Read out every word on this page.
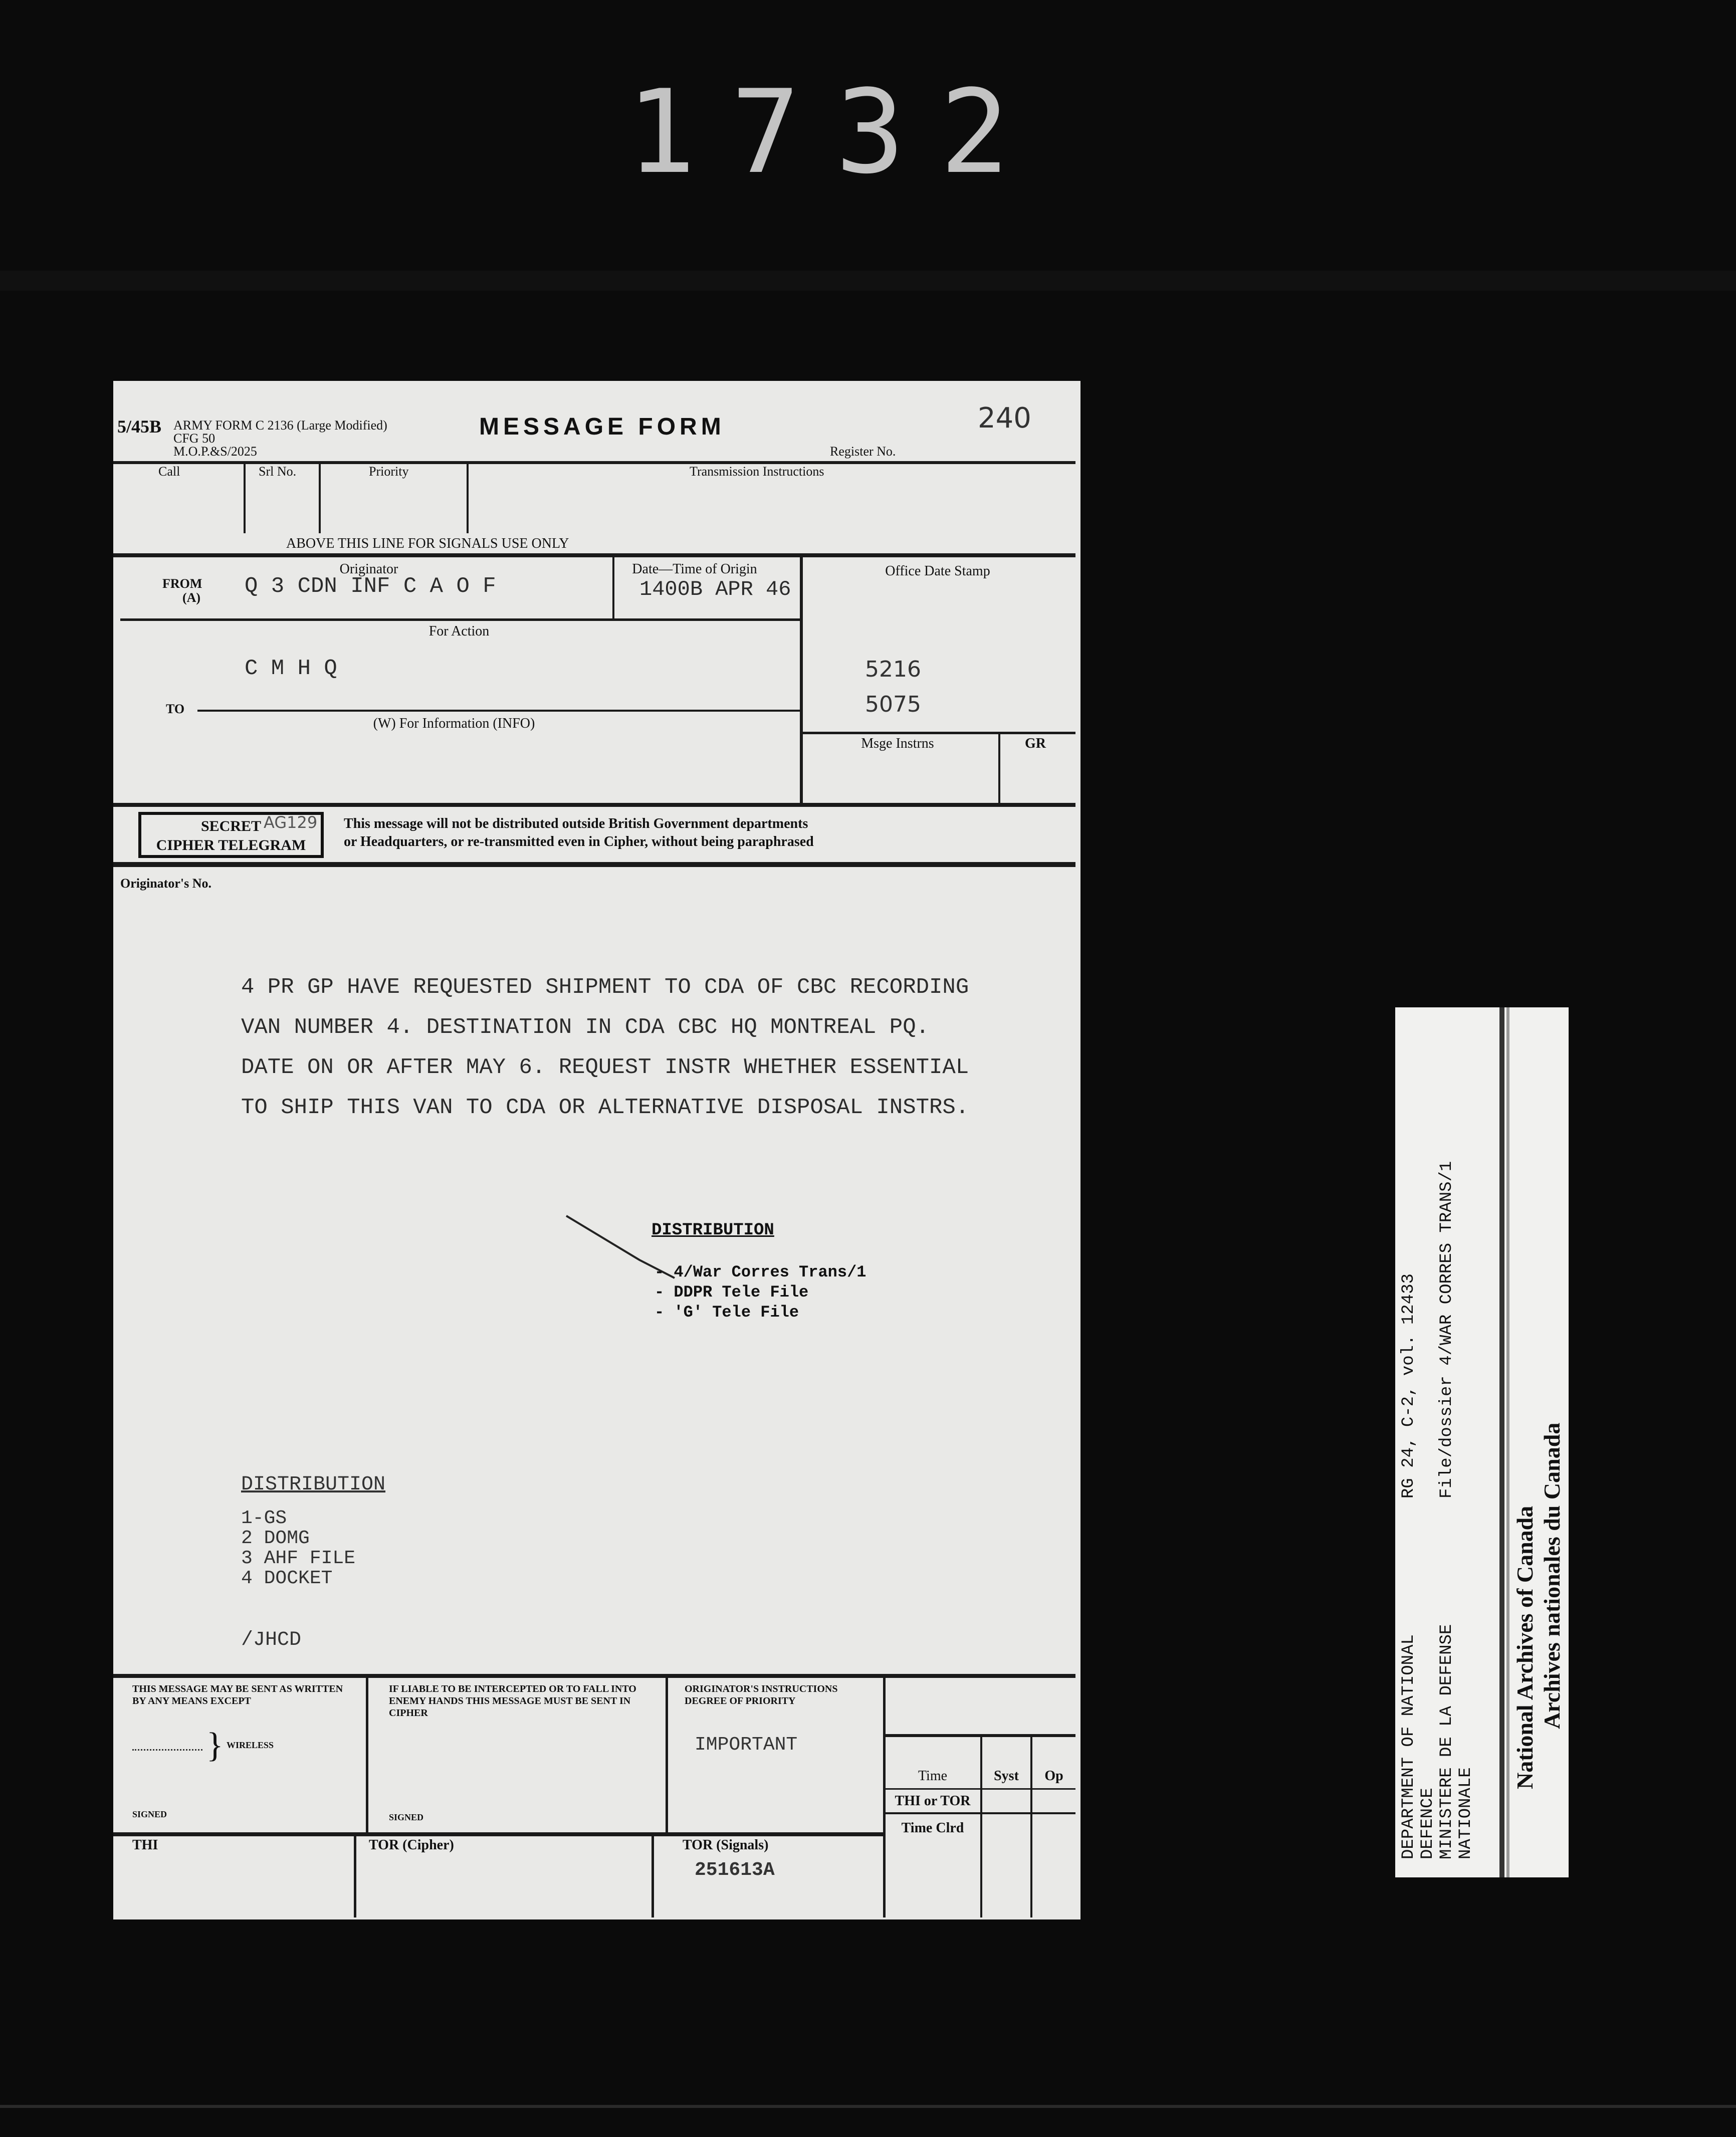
1732
5/45B ARMY FORM C 2136 (Large Modified)
CFG 50
M.O.P.&S/2025
MESSAGE FORM	240
Register No.
Call	Srl No.	Priority	Transmission Instructions
ABOVE THIS LINE FOR SIGNALS USE ONLY
Originator	Date—Time of Origin	Office Date Stamp
FROM
(A) Q 3 CDN INF C A O F	1400B APR 46
For Action
C M H Q	5216
5075
TO
(W) For Information (INFO)
Msge Instrns	GR
SECRET
CIPHER TELEGRAM
AG129 This message will not be distributed outside British Government departments
or Headquarters, or re-transmitted even in Cipher, without being paraphrased
Originator's No.
4 PR GP HAVE REQUESTED SHIPMENT TO CDA OF CBC RECORDING
VAN NUMBER 4. DESTINATION IN CDA CBC HQ MONTREAL PQ.
DATE ON OR AFTER MAY 6. REQUEST INSTR WHETHER ESSENTIAL
TO SHIP THIS VAN TO CDA OR ALTERNATIVE DISPOSAL INSTRS.
DISTRIBUTION
- 4/War Corres Trans/1
- DDPR Tele File
- 'G' Tele File
DISTRIBUTION
1-GS
2 DOMG
3 AHF FILE
4 DOCKET
/JHCD
THIS MESSAGE MAY BE SENT AS WRITTEN BY ANY MEANS EXCEPT
} WIRELESS
SIGNED
IF LIABLE TO BE INTERCEPTED OR TO FALL INTO ENEMY HANDS THIS MESSAGE MUST BE SENT IN CIPHER
SIGNED
ORIGINATOR'S INSTRUCTIONS DEGREE OF PRIORITY
IMPORTANT
Time	Syst	Op
THI or TOR
Time Clrd
THI	TOR (Cipher)	TOR (Signals)
251613A
DEPARTMENT OF NATIONAL DEFENCE MINISTERE DE LA DEFENSE NATIONALE
RG 24, C-2, vol. 12433 File/dossier 4/WAR CORRES TRANS/1
National Archives of Canada Archives nationales du Canada
